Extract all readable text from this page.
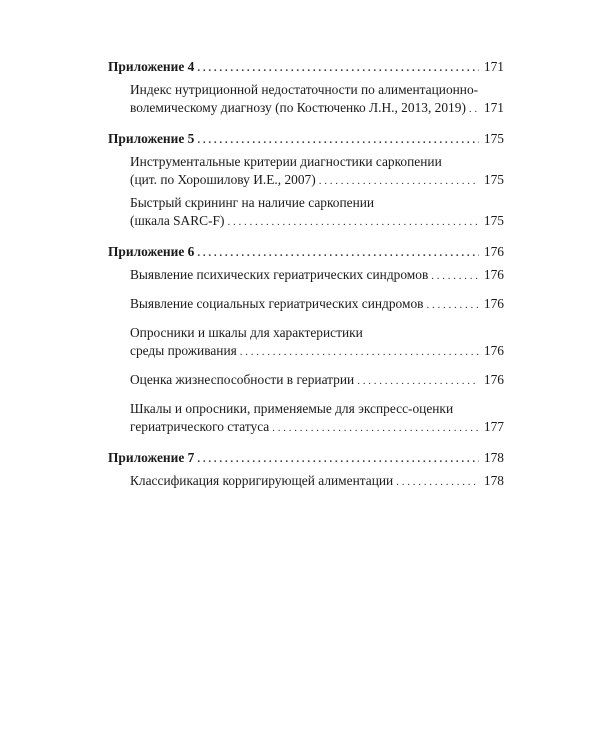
Приложение 4 . . .	171
Индекс нутриционной недостаточности по алиментационно-
волемическому диагнозу (по Костюченко Л.Н., 2013, 2019) . . . 171
Приложение 5 . . .	175
Инструментальные критерии диагностики саркопении
(цит. по Хорошилову И.Е., 2007) . . .	175
Быстрый скрининг на наличие саркопении
(шкала SARC-F) . . .	175
Приложение 6 . . .	176
Выявление психических гериатрических синдромов . . .	176
Выявление социальных гериатрических синдромов . . .	176
Опросники и шкалы для характеристики
среды проживания . . .	176
Оценка жизнеспособности в гериатрии . . .	176
Шкалы и опросники, применяемые для экспресс-оценки
гериатрического статуса . . .	177
Приложение 7 . . .	178
Классификация корригирующей алиментации . . .	178
